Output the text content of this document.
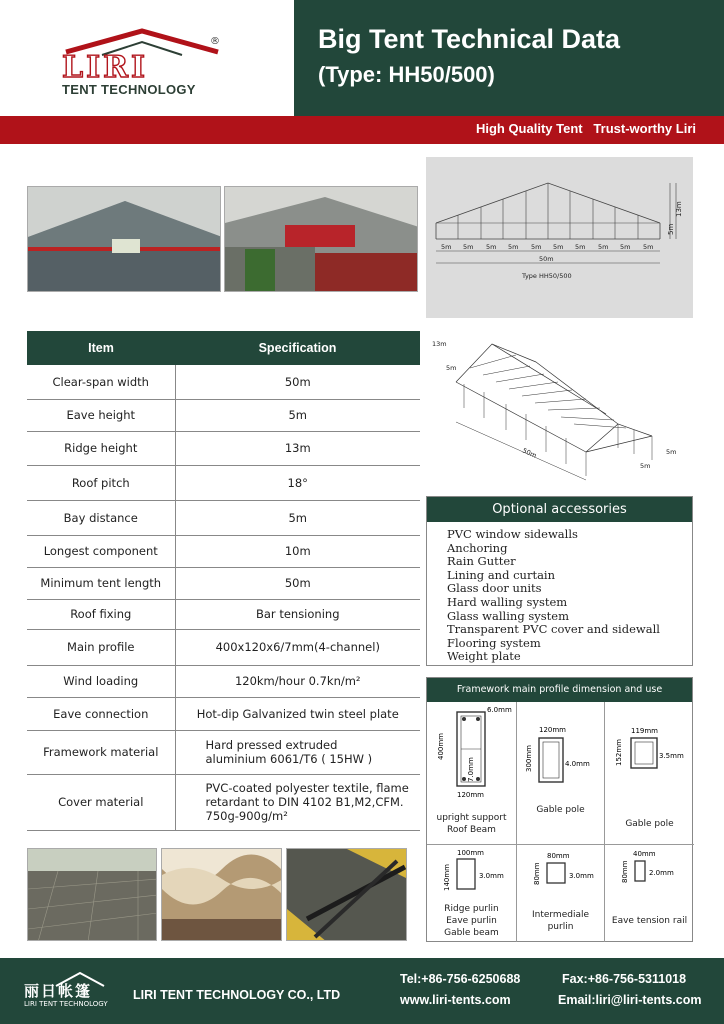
LIRI
®
TENT TECHNOLOGY
Big Tent Technical Data
(Type: HH50/500)
High Quality Tent   Trust-worthy Liri
5m 5m 5m 5m 5m 5m 5m 5m 5m 5m
50m
Type HH50/500
13m
5m
13m
5m
50m
5m
5m
Item	Specification
Clear-span width	50m
Eave height	5m
Ridge height	13m
Roof pitch	18°
Bay distance	5m
Longest component	10m
Minimum tent length	50m
Roof fixing	Bar tensioning
Main profile	400x120x6/7mm(4-channel)
Wind loading	120km/hour 0.7kn/m²
Eave connection	Hot-dip Galvanized twin steel plate
Framework material	Hard pressed extruded
aluminium 6061/T6 ( 15HW )

Cover material	PVC-coated polyester textile, flame
retardant to DIN 4102 B1,M2,CFM.
750g-900g/m²
Optional accessories
PVC window sidewalls
Anchoring
Rain Gutter
Lining and curtain
Glass door units
Hard walling system
Glass walling system
Transparent PVC cover and sidewall
Flooring system
Weight plate
Framework main profile dimension and use
400mm
120mm
6.0mm
7.0mm
upright support
Roof Beam
300mm
120mm
4.0mm
Gable pole
152mm
119mm
3.5mm
Gable pole
140mm
100mm
3.0mm
Ridge purlin
Eave purlin
Gable beam
80mm
80mm
3.0mm
Intermediale
purlin
80mm
40mm
2.0mm
Eave tension rail
丽日帐篷
LIRI TENT TECHNOLOGY
LIRI TENT TECHNOLOGY CO., LTD
Tel:+86-756-6250688	Fax:+86-756-5311018
www.liri-tents.com	Email:liri@liri-tents.com
